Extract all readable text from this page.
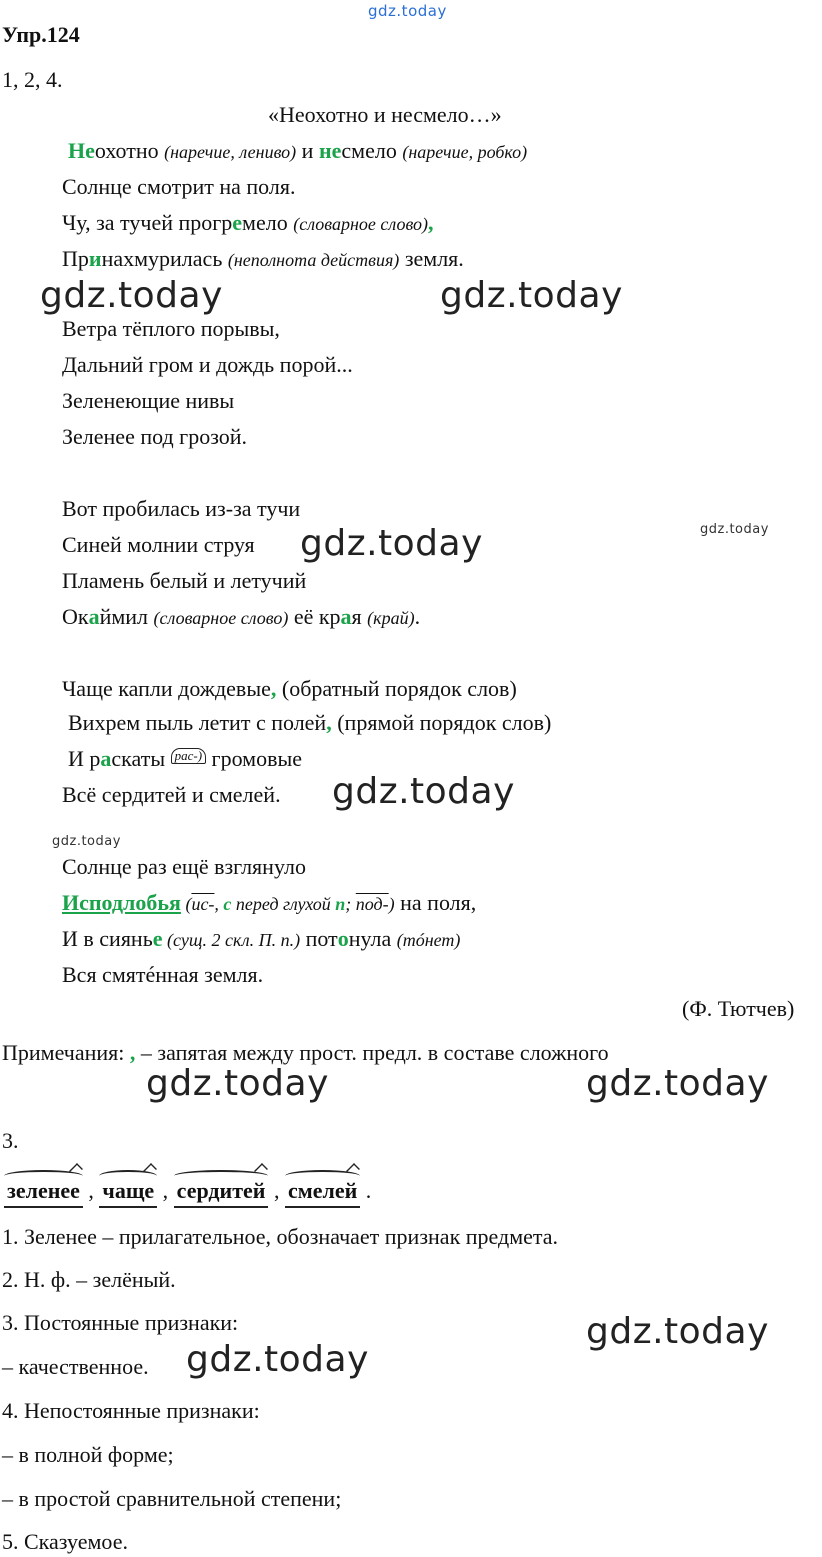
gdz.today
gdz.today	gdz.today
gdz.today
gdz.today
gdz.today
gdz.today
gdz.today	gdz.today
gdz.today
gdz.today
Упр.124
1, 2, 4.
«Неохотно и несмело…»
Неохотно (наречие, лениво) и несмело (наречие, робко)
Солнце смотрит на поля.
Чу, за тучей прогремело (словарное слово),
Принахмурилась (неполнота действия) земля.
Ветра тёплого порывы,
Дальний гром и дождь порой...
Зеленеющие нивы
Зеленее под грозой.
Вот пробилась из-за тучи
Синей молнии струя
Пламень белый и летучий
Окаймил (словарное слово) её края (край).
Чаще капли дождевые, (обратный порядок слов)
Вихрем пыль летит с полей, (прямой порядок слов)
И раскаты рас-) громовые
Всё сердитей и смелей.
Солнце раз ещё взглянуло
Исподлобья (ис-, с перед глухой п; под-) на поля,
И в сиянье (сущ. 2 скл. П. п.) потонула (тóнет)
Вся смятéнная земля.
(Ф. Тютчев)
Примечания: , – запятая между прост. предл. в составе сложного
3.
зеленее , чаще , сердитей , смелей .
1. Зеленее – прилагательное, обозначает признак предмета.
2. Н. ф. – зелёный.
3. Постоянные признаки:
– качественное.
4. Непостоянные признаки:
– в полной форме;
– в простой сравнительной степени;
5. Сказуемое.
